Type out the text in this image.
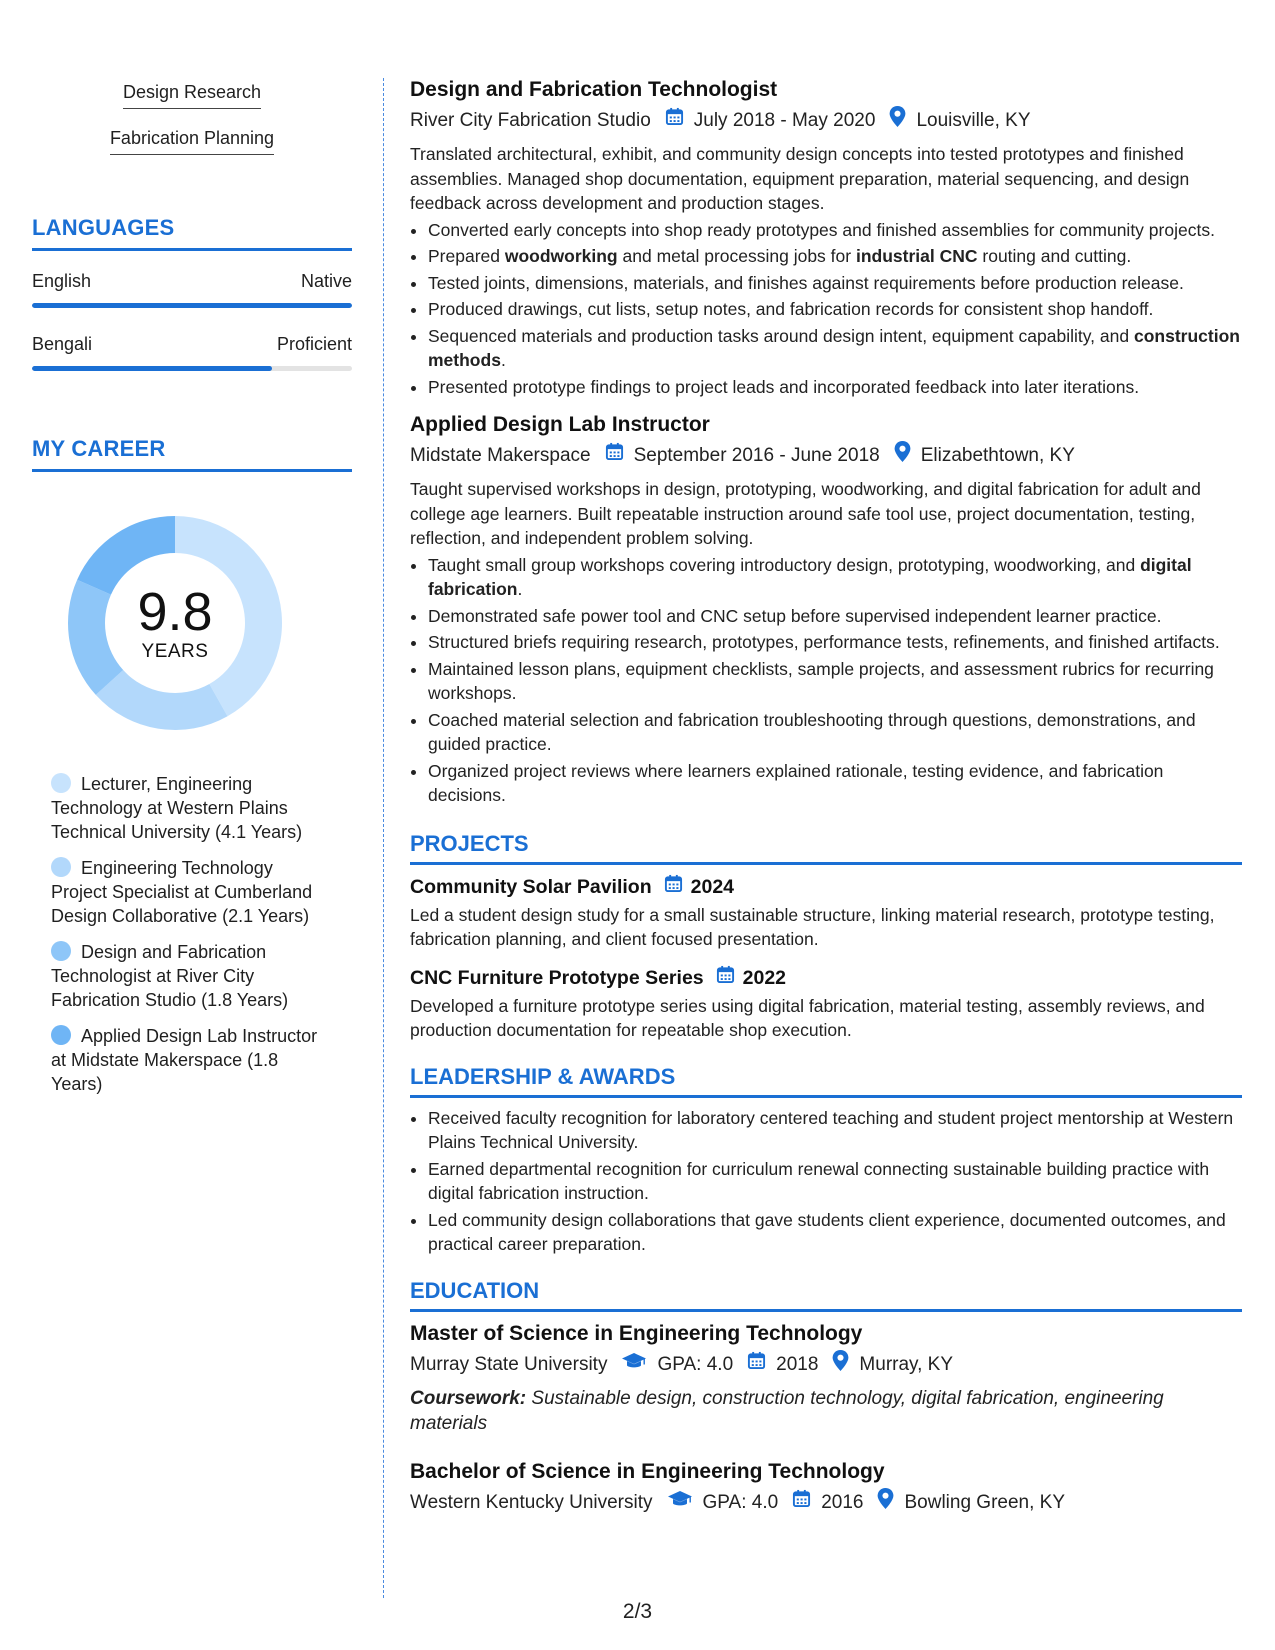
Design Research
Fabrication Planning
LANGUAGES
English	Native
Bengali	Proficient
MY CAREER
9.8
YEARS
Lecturer, Engineering Technology at Western Plains Technical University (4.1 Years)
Engineering Technology Project Specialist at Cumberland Design Collaborative (2.1 Years)
Design and Fabrication Technologist at River City Fabrication Studio (1.8 Years)
Applied Design Lab Instructor at Midstate Makerspace (1.8 Years)
Design and Fabrication Technologist
River City Fabrication Studio July 2018 - May 2020 Louisville, KY
Translated architectural, exhibit, and community design concepts into tested prototypes and finished assemblies. Managed shop documentation, equipment preparation, material sequencing, and design feedback across development and production stages.
• Converted early concepts into shop ready prototypes and finished assemblies for community projects.
• Prepared woodworking and metal processing jobs for industrial CNC routing and cutting.
• Tested joints, dimensions, materials, and finishes against requirements before production release.
• Produced drawings, cut lists, setup notes, and fabrication records for consistent shop handoff.
• Sequenced materials and production tasks around design intent, equipment capability, and construction methods.
• Presented prototype findings to project leads and incorporated feedback into later iterations.
Applied Design Lab Instructor
Midstate Makerspace September 2016 - June 2018 Elizabethtown, KY
Taught supervised workshops in design, prototyping, woodworking, and digital fabrication for adult and college age learners. Built repeatable instruction around safe tool use, project documentation, testing, reflection, and independent problem solving.
• Taught small group workshops covering introductory design, prototyping, woodworking, and digital fabrication.
• Demonstrated safe power tool and CNC setup before supervised independent learner practice.
• Structured briefs requiring research, prototypes, performance tests, refinements, and finished artifacts.
• Maintained lesson plans, equipment checklists, sample projects, and assessment rubrics for recurring workshops.
• Coached material selection and fabrication troubleshooting through questions, demonstrations, and guided practice.
• Organized project reviews where learners explained rationale, testing evidence, and fabrication decisions.
PROJECTS
Community Solar Pavilion 2024
Led a student design study for a small sustainable structure, linking material research, prototype testing, fabrication planning, and client focused presentation.
CNC Furniture Prototype Series 2022
Developed a furniture prototype series using digital fabrication, material testing, assembly reviews, and production documentation for repeatable shop execution.
LEADERSHIP & AWARDS
• Received faculty recognition for laboratory centered teaching and student project mentorship at Western Plains Technical University.
• Earned departmental recognition for curriculum renewal connecting sustainable building practice with digital fabrication instruction.
• Led community design collaborations that gave students client experience, documented outcomes, and practical career preparation.
EDUCATION
Master of Science in Engineering Technology
Murray State University	GPA: 4.0 2018 Murray, KY
Coursework: Sustainable design, construction technology, digital fabrication, engineering materials
Bachelor of Science in Engineering Technology
Western Kentucky University	GPA: 4.0 2016 Bowling Green, KY
2/3
